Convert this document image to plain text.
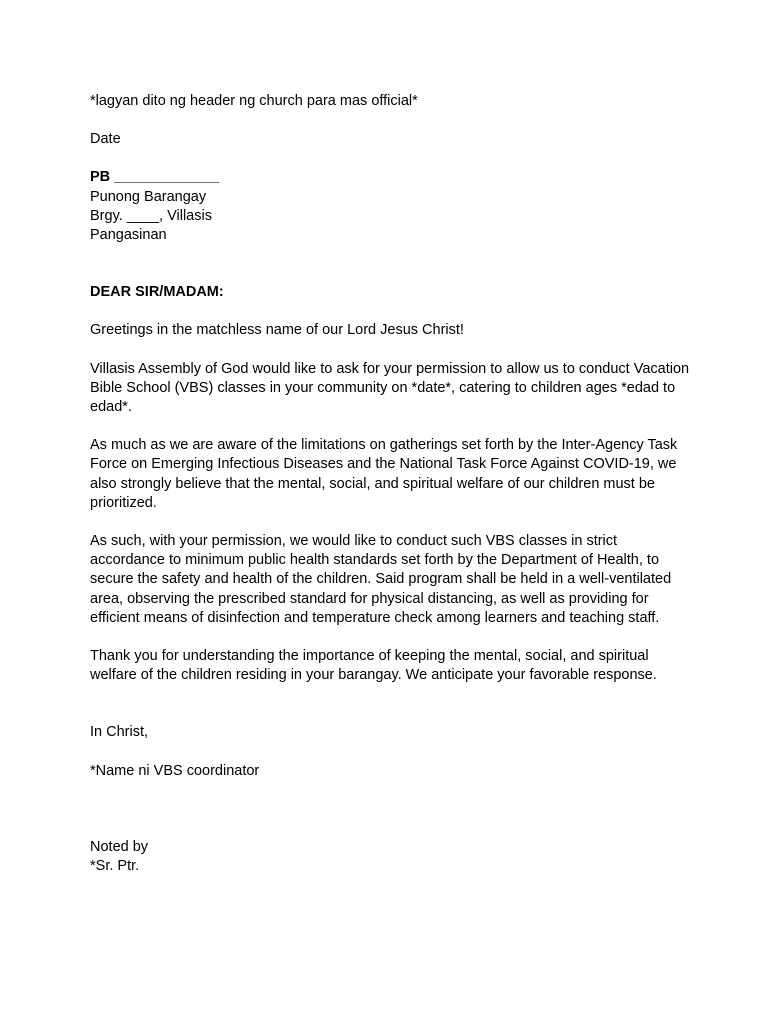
*lagyan dito ng header ng church para mas official*
Date
PB _____________
Punong Barangay
Brgy. ____, Villasis
Pangasinan
DEAR SIR/MADAM:

Greetings in the matchless name of our Lord Jesus Christ!

Villasis Assembly of God would like to ask for your permission to allow us to conduct Vacation Bible School (VBS) classes in your community on *date*, catering to children ages *edad to edad*.

As much as we are aware of the limitations on gatherings set forth by the Inter-Agency Task Force on Emerging Infectious Diseases and the National Task Force Against COVID-19, we also strongly believe that the mental, social, and spiritual welfare of our children must be prioritized.

As such, with your permission, we would like to conduct such VBS classes in strict accordance to minimum public health standards set forth by the Department of Health, to secure the safety and health of the children. Said program shall be held in a well-ventilated area, observing the prescribed standard for physical distancing, as well as providing for efficient means of disinfection and temperature check among learners and teaching staff.

Thank you for understanding the importance of keeping the mental, social, and spiritual welfare of the children residing in your barangay. We anticipate your favorable response.

In Christ,
*Name ni VBS coordinator
Noted by
*Sr. Ptr.
